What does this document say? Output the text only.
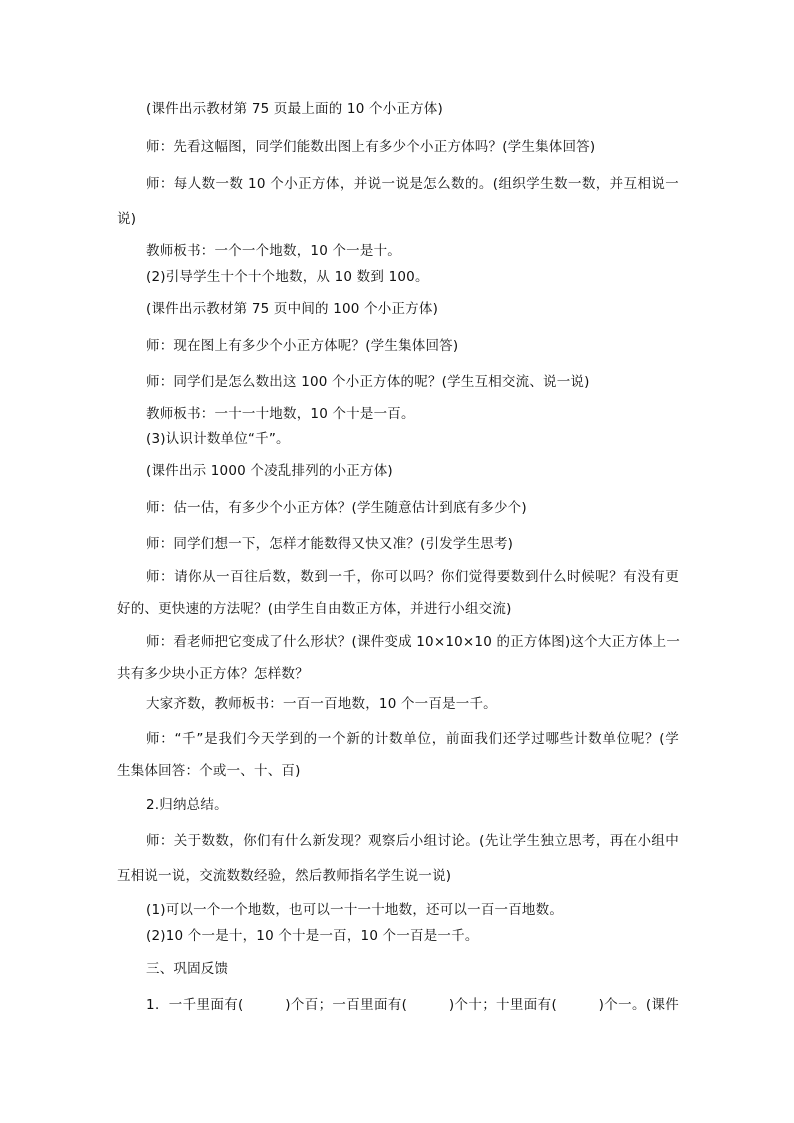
(课件出示教材第 75 页最上面的 10 个小正方体)
师：先看这幅图，同学们能数出图上有多少个小正方体吗？(学生集体回答)
师：每人数一数 10 个小正方体，并说一说是怎么数的。(组织学生数一数，并互相说一
说)
教师板书：一个一个地数，10 个一是十。
(2)引导学生十个十个地数，从 10 数到 100。
(课件出示教材第 75 页中间的 100 个小正方体)
师：现在图上有多少个小正方体呢？(学生集体回答)
师：同学们是怎么数出这 100 个小正方体的呢？(学生互相交流、说一说)
教师板书：一十一十地数，10 个十是一百。
(3)认识计数单位“千”。
(课件出示 1000 个凌乱排列的小正方体)
师：估一估，有多少个小正方体？(学生随意估计到底有多少个)
师：同学们想一下，怎样才能数得又快又准？(引发学生思考)
师：请你从一百往后数，数到一千，你可以吗？你们觉得要数到什么时候呢？有没有更
好的、更快速的方法呢？(由学生自由数正方体，并进行小组交流)
师：看老师把它变成了什么形状？(课件变成 10×10×10 的正方体图)这个大正方体上一
共有多少块小正方体？怎样数？
大家齐数，教师板书：一百一百地数，10 个一百是一千。
师：“千”是我们今天学到的一个新的计数单位，前面我们还学过哪些计数单位呢？(学
生集体回答：个或一、十、百)
2.归纳总结。
师：关于数数，你们有什么新发现？观察后小组讨论。(先让学生独立思考，再在小组中
互相说一说，交流数数经验，然后教师指名学生说一说)
(1)可以一个一个地数，也可以一十一十地数，还可以一百一百地数。
(2)10 个一是十，10 个十是一百，10 个一百是一千。
三、巩固反馈
1．一千里面有(　　　)个百；一百里面有(　　　)个十；十里面有(　　　)个一。(课件
